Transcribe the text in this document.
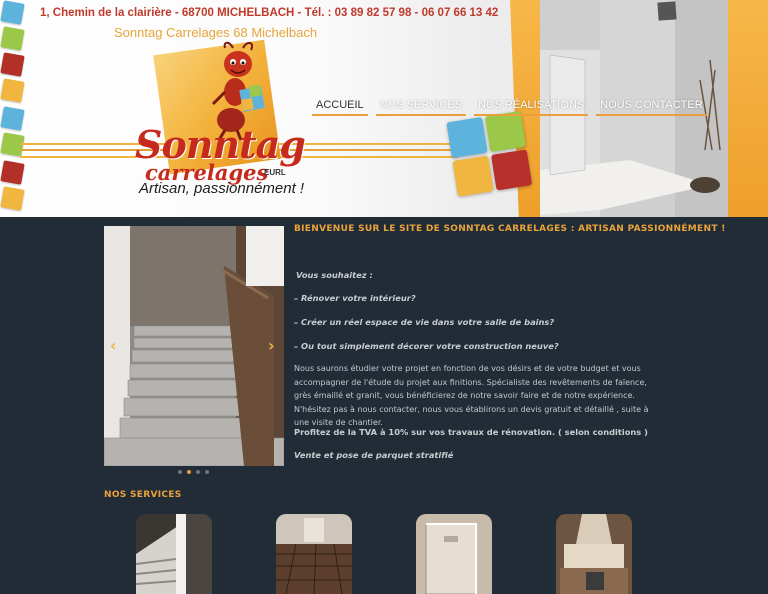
1, Chemin de la clairière - 68700 MICHELBACH - Tél. : 03 89 82 57 98 - 06 07 66 13 42
Sonntag Carrelages 68 Michelbach
Sonntag
carrelages
EURL
Artisan, passionnément !
ACCUEIL	NOS SERVICES	NOS RÉALISATIONS	NOUS CONTACTER
‹	›
BIENVENUE SUR LE SITE DE SONNTAG CARRELAGES : ARTISAN PASSIONNÉMENT !
Vous souhaitez :
– Rénover votre intérieur?
– Créer un réel espace de vie dans votre salle de bains?
– Ou tout simplement décorer votre construction neuve?
Nous saurons étudier votre projet en fonction de vos désirs et de votre budget et vous accompagner de l'étude du projet aux finitions. Spécialiste des revêtements de faïence, grès émaillé et granit, vous bénéficierez de notre savoir faire et de notre expérience. N'hésitez pas à nous contacter, nous vous établirons un devis gratuit et détaillé , suite à une visite de chantier.
Profitez de la TVA à 10% sur vos travaux de rénovation. ( selon conditions )
Vente et pose de parquet stratifié
NOS SERVICES
